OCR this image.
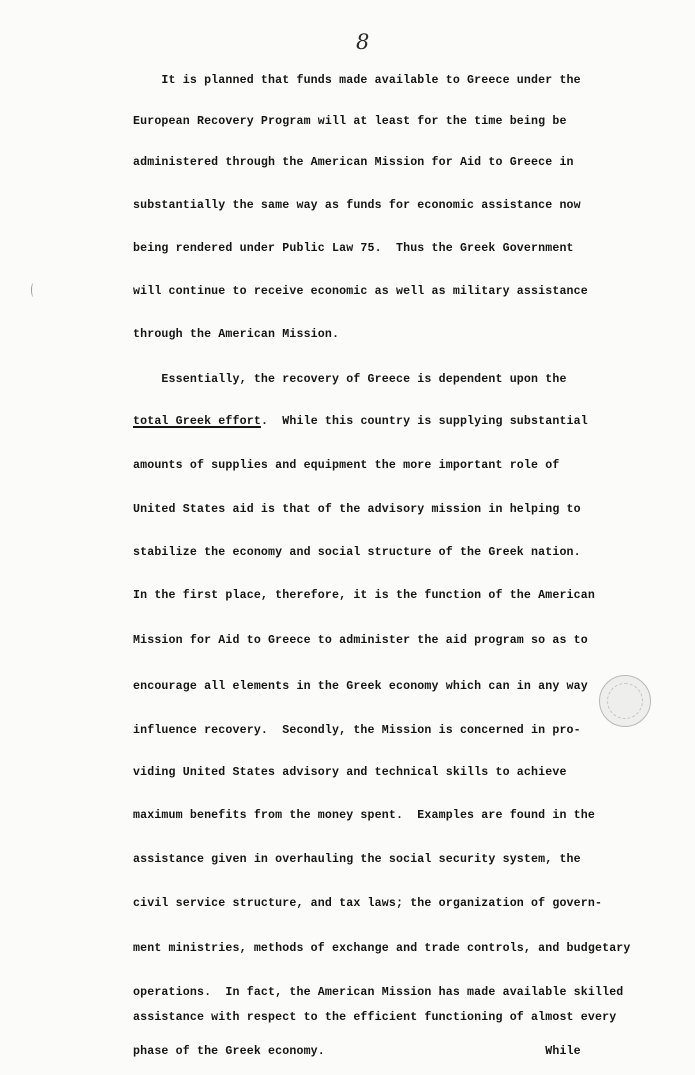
8
It is planned that funds made available to Greece under the
European Recovery Program will at least for the time being be
administered through the American Mission for Aid to Greece in
substantially the same way as funds for economic assistance now
being rendered under Public Law 75.  Thus the Greek Government
will continue to receive economic as well as military assistance
through the American Mission.
Essentially, the recovery of Greece is dependent upon the
total Greek effort.  While this country is supplying substantial
amounts of supplies and equipment the more important role of
United States aid is that of the advisory mission in helping to
stabilize the economy and social structure of the Greek nation.
In the first place, therefore, it is the function of the American
Mission for Aid to Greece to administer the aid program so as to
encourage all elements in the Greek economy which can in any way
influence recovery.  Secondly, the Mission is concerned in pro-
viding United States advisory and technical skills to achieve
maximum benefits from the money spent.  Examples are found in the
assistance given in overhauling the social security system, the
civil service structure, and tax laws; the organization of govern-
ment ministries, methods of exchange and trade controls, and budgetary
operations.  In fact, the American Mission has made available skilled
assistance with respect to the efficient functioning of almost every
phase of the Greek economy.                               While
